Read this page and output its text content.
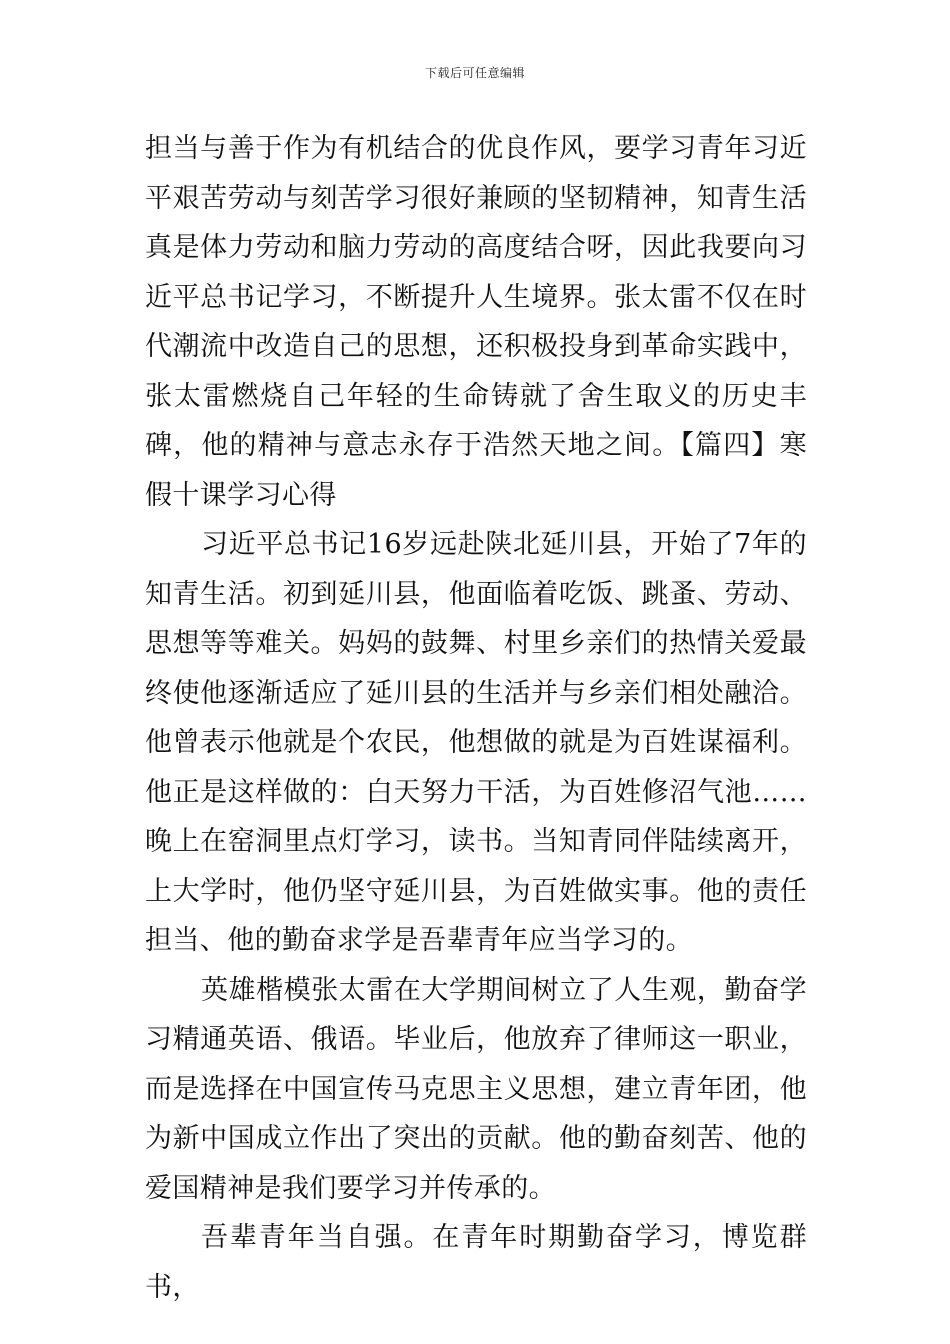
下载后可任意编辑

担当与善于作为有机结合的优良作风，要学习青年习近平艰苦劳动与刻苦学习很好兼顾的坚韧精神，知青生活真是体力劳动和脑力劳动的高度结合呀，因此我要向习近平总书记学习，不断提升人生境界。张太雷不仅在时代潮流中改造自己的思想，还积极投身到革命实践中，张太雷燃烧自己年轻的生命铸就了舍生取义的历史丰碑，他的精神与意志永存于浩然天地之间。【篇四】寒假十课学习心得

习近平总书记16岁远赴陕北延川县，开始了7年的知青生活。初到延川县，他面临着吃饭、跳蚤、劳动、思想等等难关。妈妈的鼓舞、村里乡亲们的热情关爱最终使他逐渐适应了延川县的生活并与乡亲们相处融洽。他曾表示他就是个农民，他想做的就是为百姓谋福利。他正是这样做的：白天努力干活，为百姓修沼气池……晚上在窑洞里点灯学习，读书。当知青同伴陆续离开，上大学时，他仍坚守延川县，为百姓做实事。他的责任担当、他的勤奋求学是吾辈青年应当学习的。

英雄楷模张太雷在大学期间树立了人生观，勤奋学习精通英语、俄语。毕业后，他放弃了律师这一职业，而是选择在中国宣传马克思主义思想，建立青年团，他为新中国成立作出了突出的贡献。他的勤奋刻苦、他的爱国精神是我们要学习并传承的。

吾辈青年当自强。在青年时期勤奋学习，博览群书，
